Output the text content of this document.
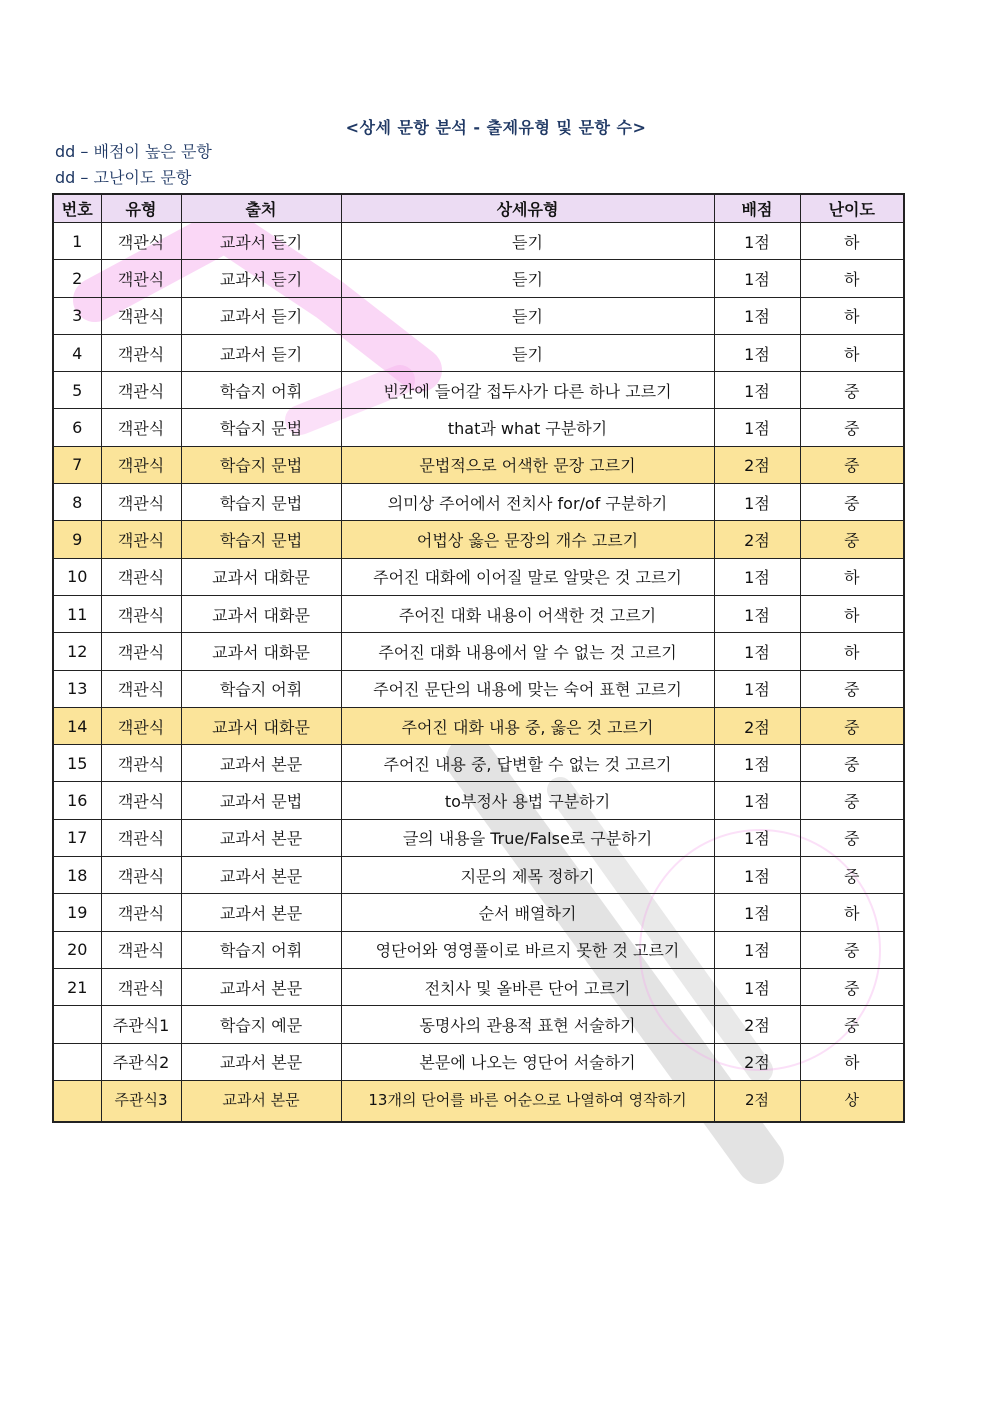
<상세 문항 분석 - 출제유형 및 문항 수>
dd – 배점이 높은 문항
dd – 고난이도 문항
번호	유형	출처	상세유형	배점	난이도
1	객관식	교과서 듣기	듣기	1점	하
2	객관식	교과서 듣기	듣기	1점	하
3	객관식	교과서 듣기	듣기	1점	하
4	객관식	교과서 듣기	듣기	1점	하
5	객관식	학습지 어휘	빈칸에 들어갈 접두사가 다른 하나 고르기	1점	중
6	객관식	학습지 문법	that과 what 구분하기	1점	중
7	객관식	학습지 문법	문법적으로 어색한 문장 고르기	2점	중
8	객관식	학습지 문법	의미상 주어에서 전치사 for/of 구분하기	1점	중
9	객관식	학습지 문법	어법상 옳은 문장의 개수 고르기	2점	중
10	객관식	교과서 대화문	주어진 대화에 이어질 말로 알맞은 것 고르기	1점	하
11	객관식	교과서 대화문	주어진 대화 내용이 어색한 것 고르기	1점	하
12	객관식	교과서 대화문	주어진 대화 내용에서 알 수 없는 것 고르기	1점	하
13	객관식	학습지 어휘	주어진 문단의 내용에 맞는 숙어 표현 고르기	1점	중
14	객관식	교과서 대화문	주어진 대화 내용 중, 옳은 것 고르기	2점	중
15	객관식	교과서 본문	주어진 내용 중, 답변할 수 없는 것 고르기	1점	중
16	객관식	교과서 문법	to부정사 용법 구분하기	1점	중
17	객관식	교과서 본문	글의 내용을 True/False로 구분하기	1점	중
18	객관식	교과서 본문	지문의 제목 정하기	1점	중
19	객관식	교과서 본문	순서 배열하기	1점	하
20	객관식	학습지 어휘	영단어와 영영풀이로 바르지 못한 것 고르기	1점	중
21	객관식	교과서 본문	전치사 및 올바른 단어 고르기	1점	중
	주관식1	학습지 예문	동명사의 관용적 표현 서술하기	2점	중
	주관식2	교과서 본문	본문에 나오는 영단어 서술하기	2점	하
	주관식3	교과서 본문	13개의 단어를 바른 어순으로 나열하여 영작하기	2점	상
